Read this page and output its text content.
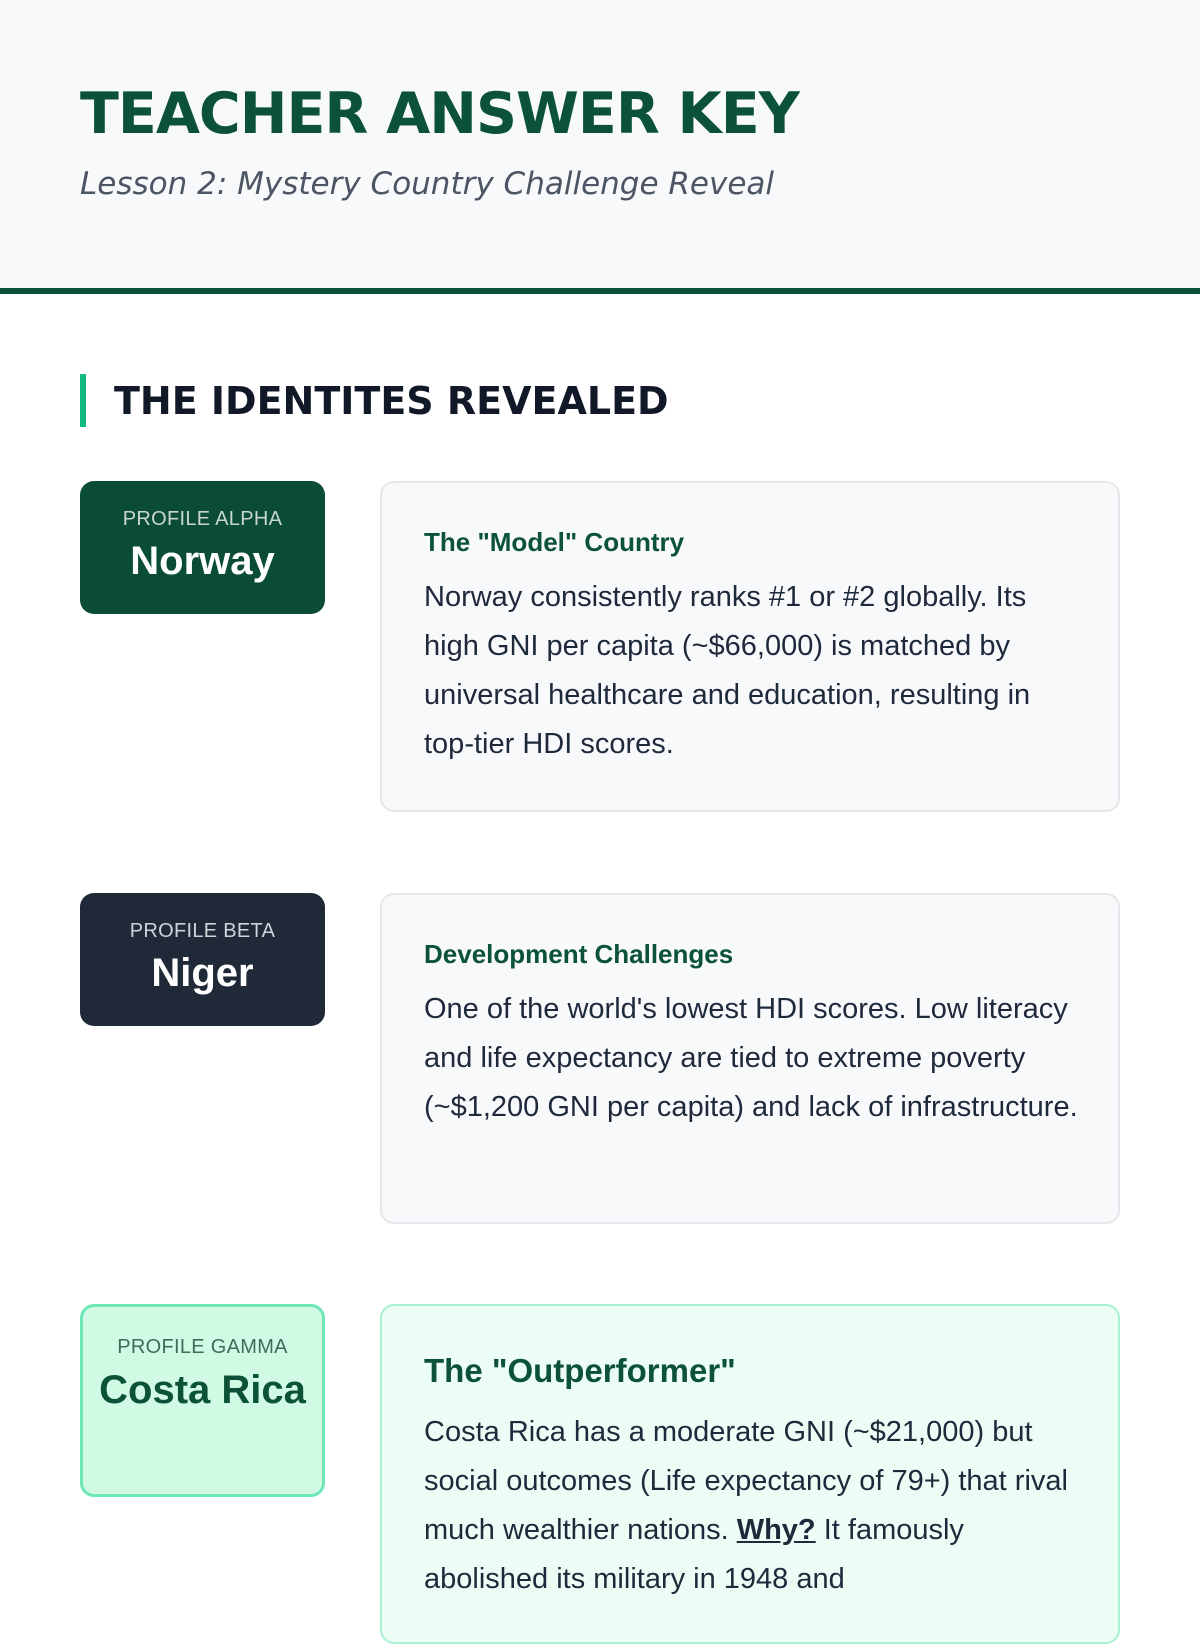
TEACHER ANSWER KEY

Lesson 2: Mystery Country Challenge Reveal

THE IDENTITES REVEALED
PROFILE ALPHA
Norway	The "Model" Country

Norway consistently ranks #1 or #2 globally. Its high GNI per capita (~$66,000) is matched by universal healthcare and education, resulting in top-tier HDI scores.

PROFILE BETA
Niger	Development Challenges

One of the world's lowest HDI scores. Low literacy and life expectancy are tied to extreme poverty (~$1,200 GNI per capita) and lack of infrastructure.

PROFILE GAMMA
Costa Rica	The "Outperformer"

Costa Rica has a moderate GNI (~$21,000) but social outcomes (Life expectancy of 79+) that rival much wealthier nations. Why? It famously abolished its military in 1948 and
